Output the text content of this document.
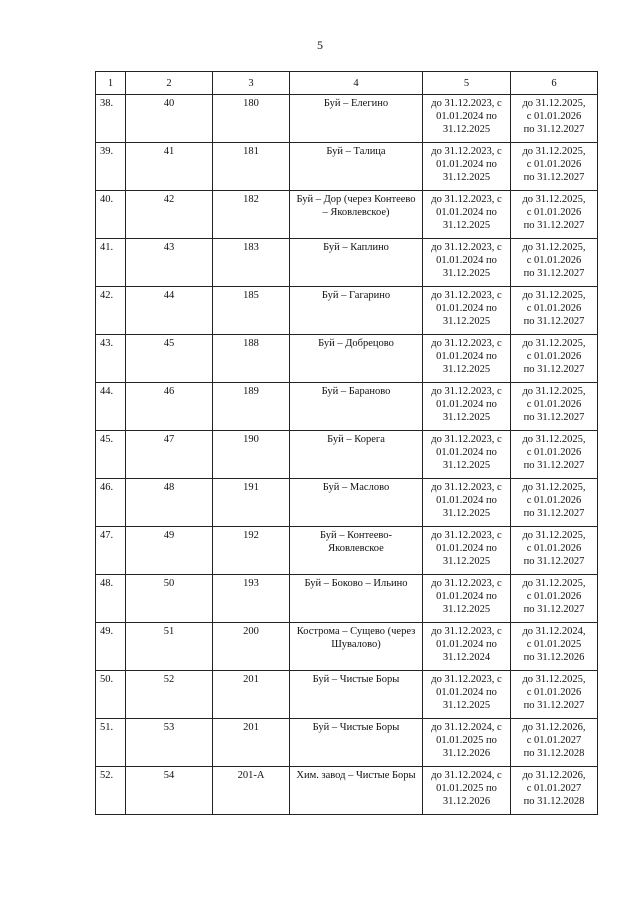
5
1	2	3	4	5	6
38.	40	180	Буй – Елегино	до 31.12.2023, с
01.01.2024 по
31.12.2025	до 31.12.2025,
с 01.01.2026
по 31.12.2027
39.	41	181	Буй – Талица	до 31.12.2023, с
01.01.2024 по
31.12.2025	до 31.12.2025,
с 01.01.2026
по 31.12.2027
40.	42	182	Буй – Дор (через Контеево
– Яковлевское)	до 31.12.2023, с
01.01.2024 по
31.12.2025	до 31.12.2025,
с 01.01.2026
по 31.12.2027
41.	43	183	Буй – Каплино	до 31.12.2023, с
01.01.2024 по
31.12.2025	до 31.12.2025,
с 01.01.2026
по 31.12.2027
42.	44	185	Буй – Гагарино	до 31.12.2023, с
01.01.2024 по
31.12.2025	до 31.12.2025,
с 01.01.2026
по 31.12.2027
43.	45	188	Буй – Добрецово	до 31.12.2023, с
01.01.2024 по
31.12.2025	до 31.12.2025,
с 01.01.2026
по 31.12.2027
44.	46	189	Буй – Бараново	до 31.12.2023, с
01.01.2024 по
31.12.2025	до 31.12.2025,
с 01.01.2026
по 31.12.2027
45.	47	190	Буй – Корега	до 31.12.2023, с
01.01.2024 по
31.12.2025	до 31.12.2025,
с 01.01.2026
по 31.12.2027
46.	48	191	Буй – Маслово	до 31.12.2023, с
01.01.2024 по
31.12.2025	до 31.12.2025,
с 01.01.2026
по 31.12.2027
47.	49	192	Буй – Контеево-
Яковлевское	до 31.12.2023, с
01.01.2024 по
31.12.2025	до 31.12.2025,
с 01.01.2026
по 31.12.2027
48.	50	193	Буй – Боково – Ильино	до 31.12.2023, с
01.01.2024 по
31.12.2025	до 31.12.2025,
с 01.01.2026
по 31.12.2027
49.	51	200	Кострома – Сущево (через
Шувалово)	до 31.12.2023, с
01.01.2024 по
31.12.2024	до 31.12.2024,
с 01.01.2025
по 31.12.2026
50.	52	201	Буй – Чистые Боры	до 31.12.2023, с
01.01.2024 по
31.12.2025	до 31.12.2025,
с 01.01.2026
по 31.12.2027
51.	53	201	Буй – Чистые Боры	до 31.12.2024, с
01.01.2025 по
31.12.2026	до 31.12.2026,
с 01.01.2027
по 31.12.2028
52.	54	201-А	Хим. завод – Чистые Боры	до 31.12.2024, с
01.01.2025 по
31.12.2026	до 31.12.2026,
с 01.01.2027
по 31.12.2028
